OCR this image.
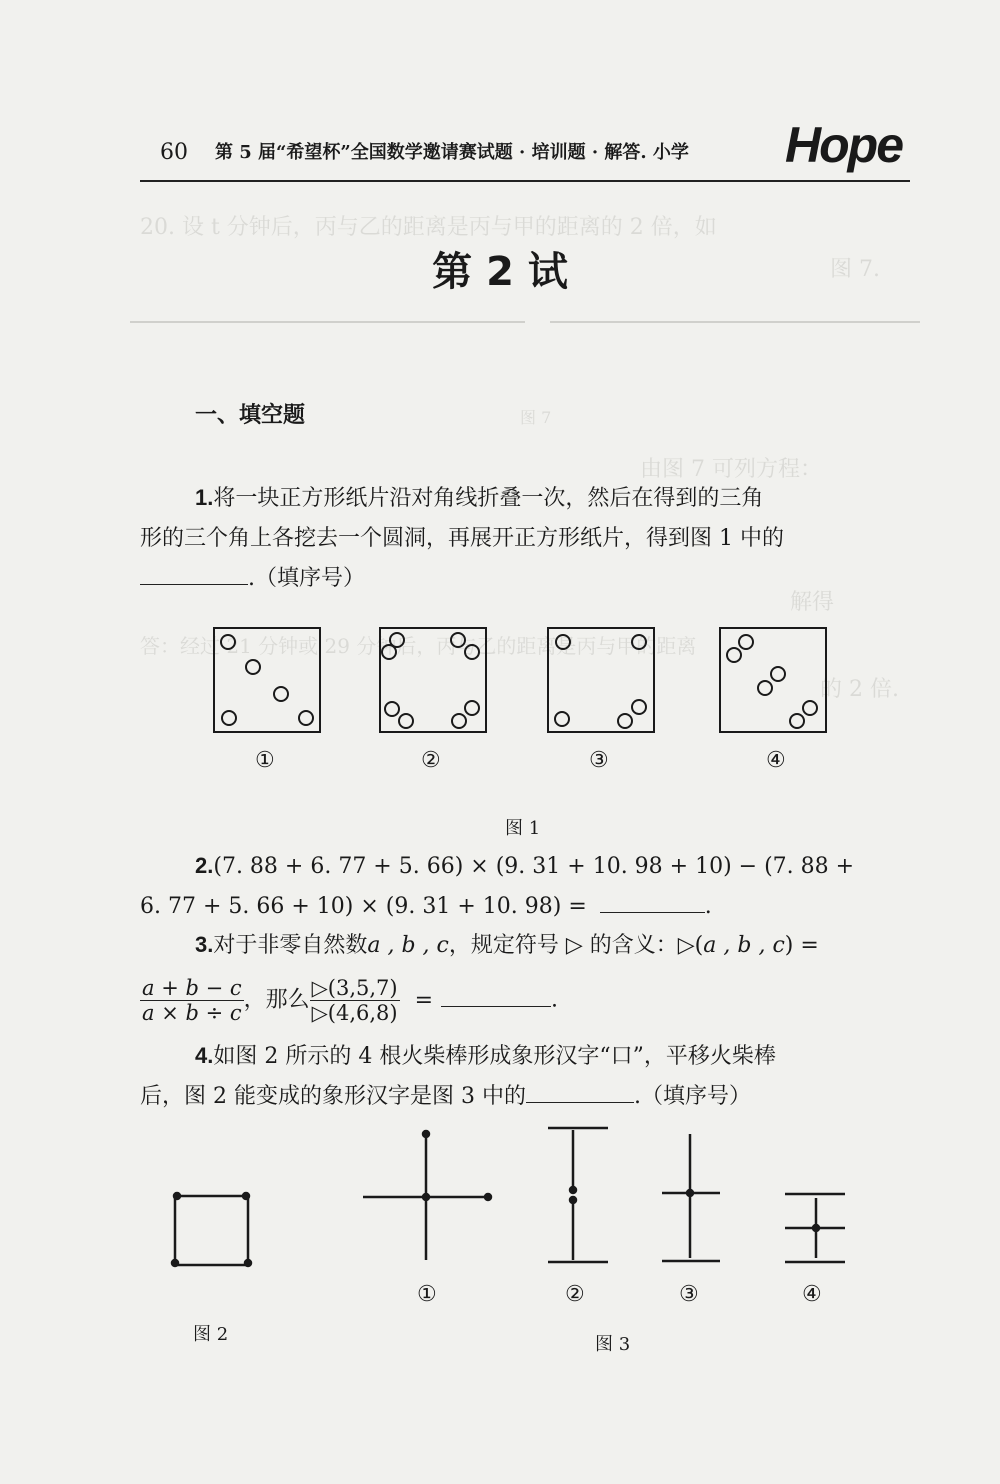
20. 设 t 分钟后，丙与乙的距离是丙与甲的距离的 2 倍，如
图 7.
图 7
由图 7 可列方程：
解得
答：经过 21 分钟或 29 分钟后，丙与乙的距离是丙与甲的距离
的 2 倍.
60 第 5 届“希望杯”全国数学邀请赛试题 · 培训题 · 解答. 小学 Hope
第 2 试
一、填空题
1.将一块正方形纸片沿对角线折叠一次，然后在得到的三角
形的三个角上各挖去一个圆洞，再展开正方形纸片，得到图 1 中的
.（填序号）
①	②	③	④
图 1
2.(7. 88 + 6. 77 + 5. 66) × (9. 31 + 10. 98 + 10) − (7. 88 +
6. 77 + 5. 66 + 10) × (9. 31 + 10. 98) =	.
3.对于非零自然数a , b , c，规定符号 ▷ 的含义：▷(a , b , c) =
$\frac{a + b - c}{a \times b \div c}$ ，那么 $\frac{▷(3,5,7)}{▷(4,6,8)}$ =	.
4.如图 2 所示的 4 根火柴棒形成象形汉字“口”，平移火柴棒
后，图 2 能变成的象形汉字是图 3 中的	.（填序号）
①	②	③	④
图 2	图 3
